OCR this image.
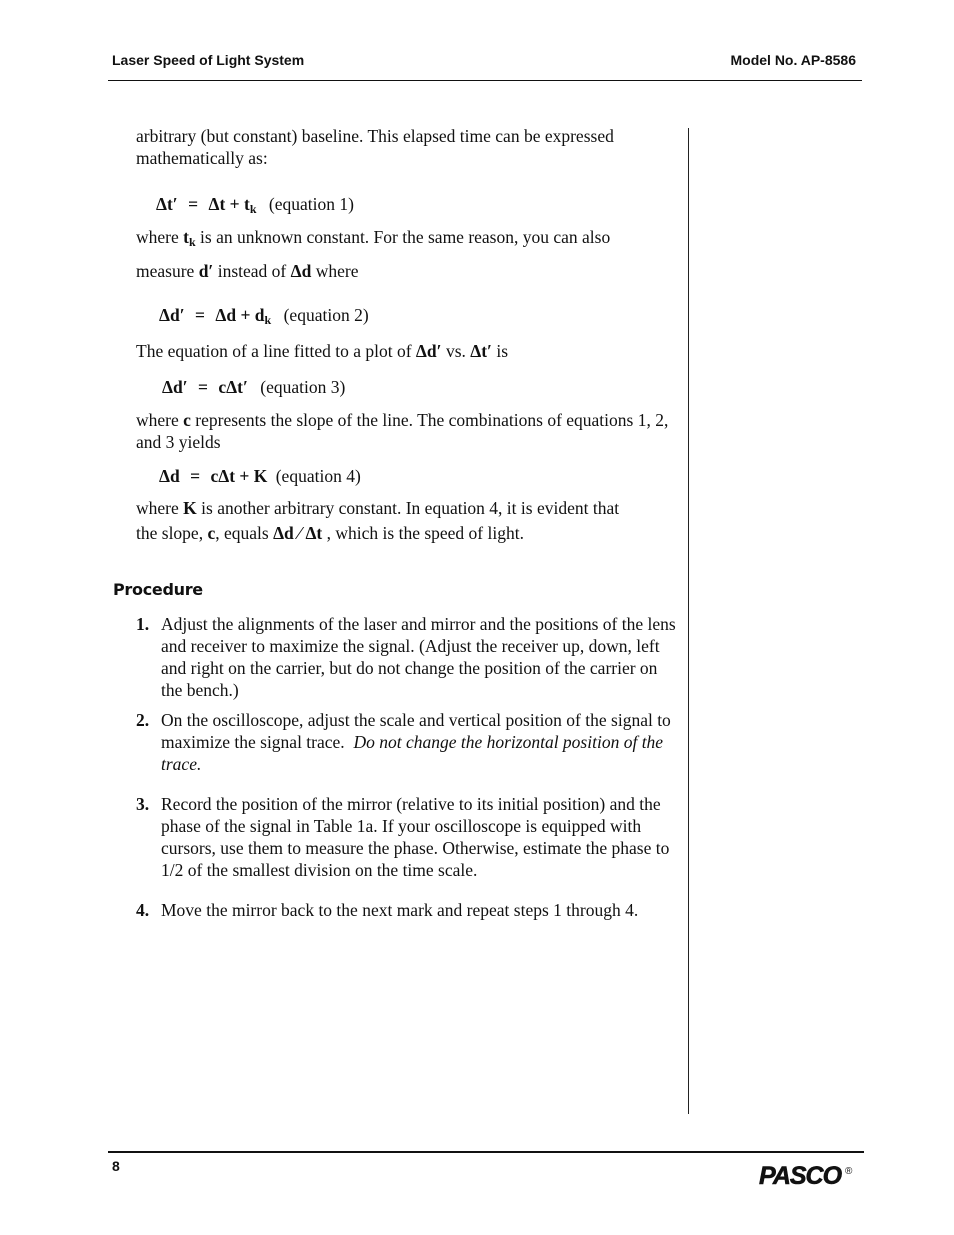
Laser Speed of Light System	Model No. AP-8586
arbitrary (but constant) baseline. This elapsed time can be expressed mathematically as:
$\Delta t' = \Delta t + t_k$ (equation 1)
where $t_k$ is an unknown constant. For the same reason, you can also
measure d′ instead of Δd where
$\Delta d' = \Delta d + d_k$ (equation 2)
The equation of a line fitted to a plot of Δd′ vs. Δt′ is
Δd′ = cΔt′ (equation 3)
where c represents the slope of the line. The combinations of equations 1, 2, and 3 yields
Δd = cΔt + K (equation 4)
where K is another arbitrary constant. In equation 4, it is evident that
the slope, c, equals Δd ⁄ Δt , which is the speed of light.
Procedure
1. Adjust the alignments of the laser and mirror and the positions of the lens and receiver to maximize the signal. (Adjust the receiver up, down, left and right on the carrier, but do not change the position of the carrier on the bench.)
2. On the oscilloscope, adjust the scale and vertical position of the signal to maximize the signal trace. Do not change the horizontal position of the trace.
3. Record the position of the mirror (relative to its initial position) and the phase of the signal in Table 1a. If your oscilloscope is equipped with cursors, use them to measure the phase. Otherwise, estimate the phase to 1/2 of the smallest division on the time scale.
4. Move the mirror back to the next mark and repeat steps 1 through 4.
8	PASCO ®
